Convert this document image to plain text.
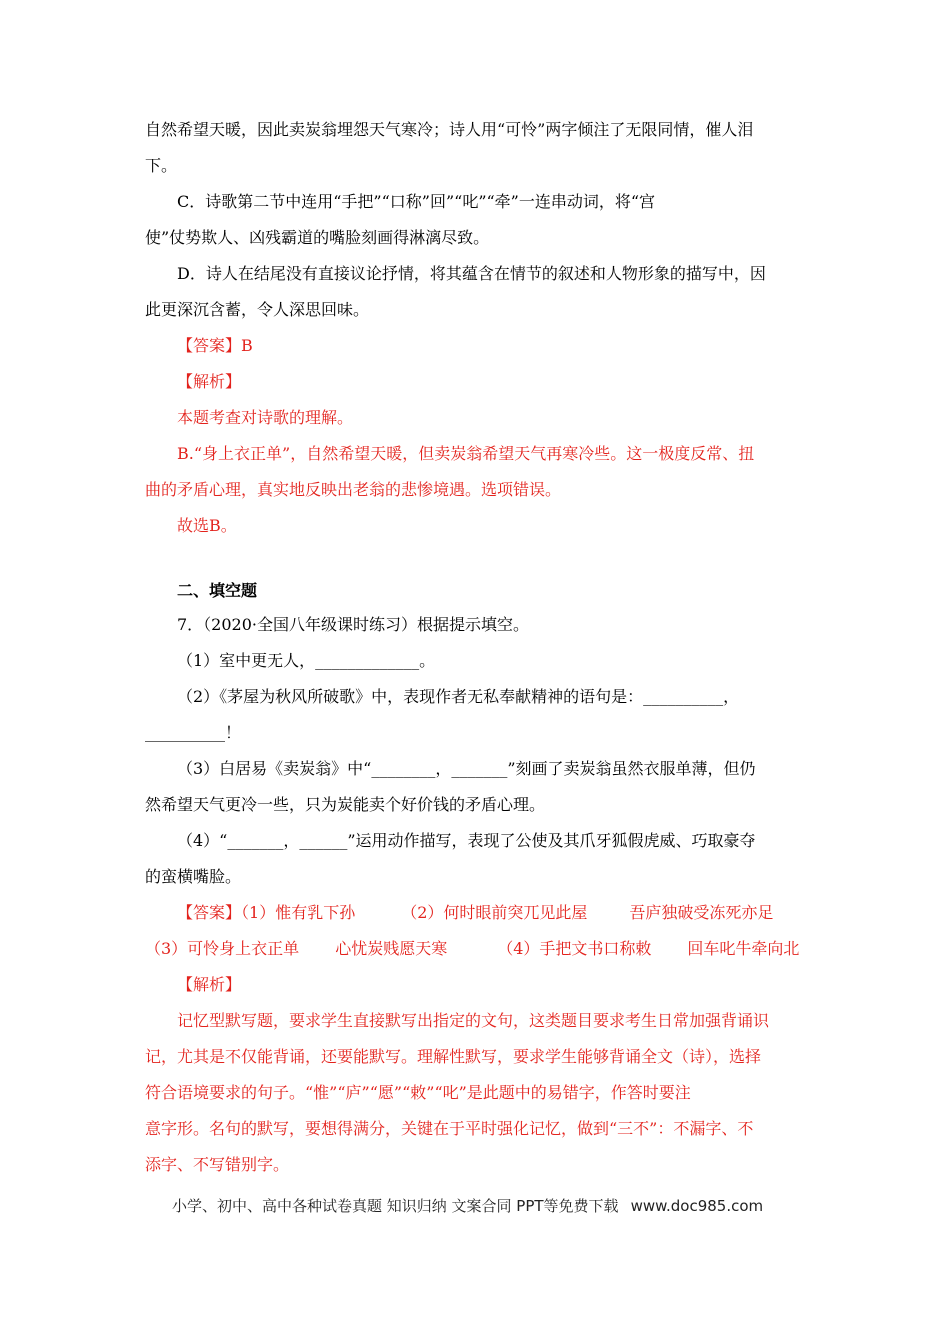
自然希望天暖，因此卖炭翁埋怨天气寒冷；诗人用“可怜”两字倾注了无限同情，催人泪
下。
C．诗歌第二节中连用“手把”“口称”回”“叱”“牵”一连串动词，将“宫
使”仗势欺人、凶残霸道的嘴脸刻画得淋漓尽致。
D．诗人在结尾没有直接议论抒情，将其蕴含在情节的叙述和人物形象的描写中，因
此更深沉含蓄，令人深思回味。
【答案】B
【解析】
本题考查对诗歌的理解。
B.“身上衣正单”，自然希望天暖，但卖炭翁希望天气再寒冷些。这一极度反常、扭
曲的矛盾心理，真实地反映出老翁的悲惨境遇。选项错误。
故选B。
二、填空题
7．（2020·全国八年级课时练习）根据提示填空。
（1）室中更无人，_____________。
（2）《茅屋为秋风所破歌》中，表现作者无私奉献精神的语句是：__________，
__________！
（3）白居易《卖炭翁》中“________，_______”刻画了卖炭翁虽然衣服单薄，但仍
然希望天气更冷一些，只为炭能卖个好价钱的矛盾心理。
（4）“_______，______”运用动作描写，表现了公使及其爪牙狐假虎威、巧取豪夺
的蛮横嘴脸。
【答案】（1）惟有乳下孙	（2）何时眼前突兀见此屋	吾庐独破受冻死亦足
（3）可怜身上衣正单 心忧炭贱愿天寒	（4）手把文书口称敕 回车叱牛牵向北
【解析】
记忆型默写题，要求学生直接默写出指定的文句，这类题目要求考生日常加强背诵识
记，尤其是不仅能背诵，还要能默写。理解性默写，要求学生能够背诵全文（诗），选择
符合语境要求的句子。“惟”“庐”“愿”“敕”“叱”是此题中的易错字，作答时要注
意字形。名句的默写，要想得满分，关键在于平时强化记忆，做到“三不”：不漏字、不
添字、不写错别字。
小学、初中、高中各种试卷真题 知识归纳 文案合同 PPT等免费下载 www.doc985.com
